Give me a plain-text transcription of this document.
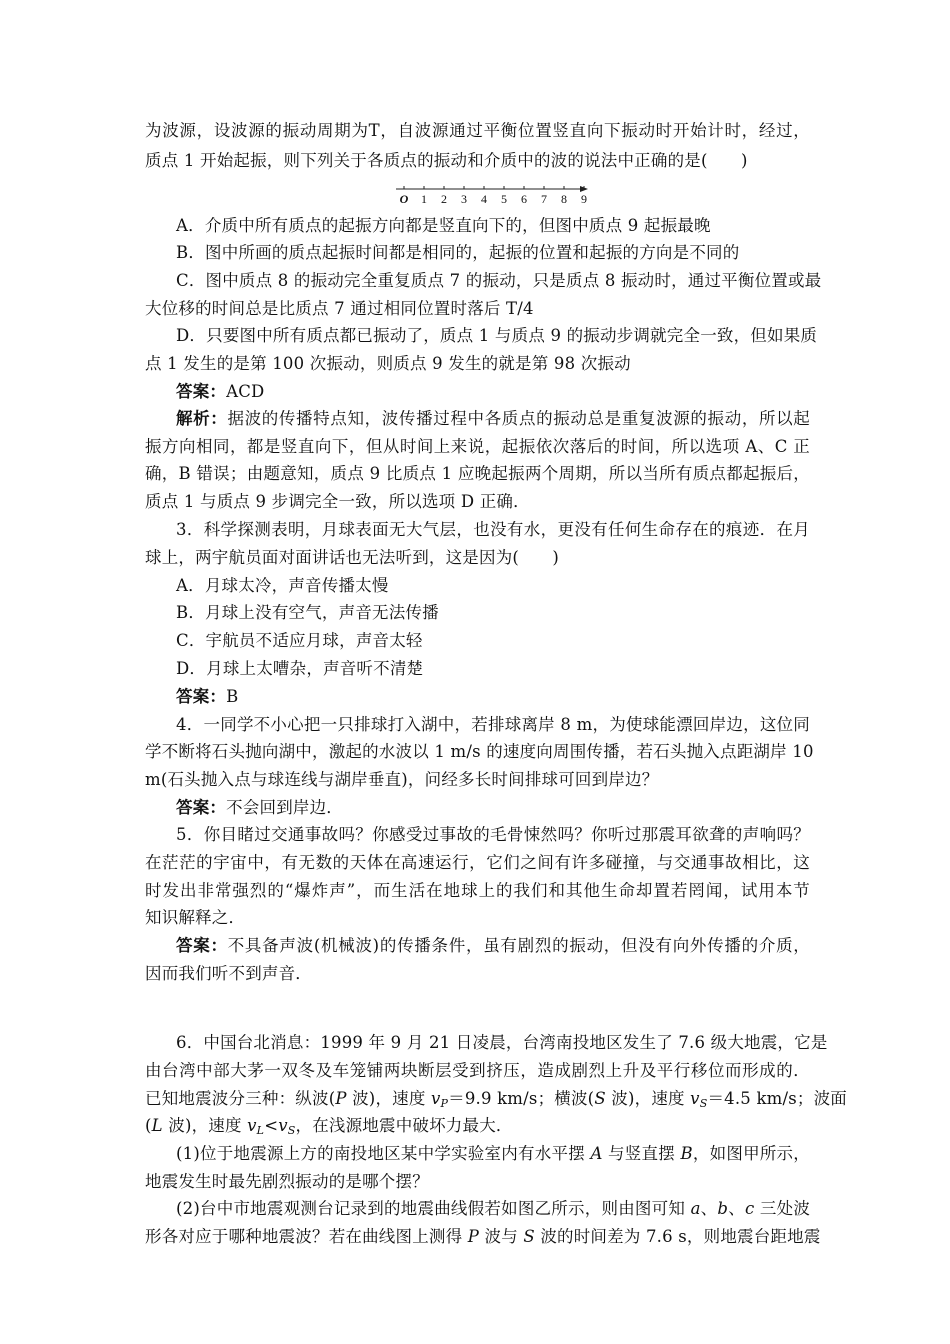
为波源，设波源的振动周期为T，自波源通过平衡位置竖直向下振动时开始计时，经过，
质点 1 开始起振，则下列关于各质点的振动和介质中的波的说法中正确的是(　　)
O 1 2 3 4 5 6 7 8 9
A．介质中所有质点的起振方向都是竖直向下的，但图中质点 9 起振最晚
B．图中所画的质点起振时间都是相同的，起振的位置和起振的方向是不同的
C．图中质点 8 的振动完全重复质点 7 的振动，只是质点 8 振动时，通过平衡位置或最
大位移的时间总是比质点 7 通过相同位置时落后 T/4
D．只要图中所有质点都已振动了，质点 1 与质点 9 的振动步调就完全一致，但如果质
点 1 发生的是第 100 次振动，则质点 9 发生的就是第 98 次振动
答案：ACD
解析：据波的传播特点知，波传播过程中各质点的振动总是重复波源的振动，所以起
振方向相同，都是竖直向下，但从时间上来说，起振依次落后的时间，所以选项 A、C 正
确，B 错误；由题意知，质点 9 比质点 1 应晚起振两个周期，所以当所有质点都起振后，
质点 1 与质点 9 步调完全一致，所以选项 D 正确．
3．科学探测表明，月球表面无大气层，也没有水，更没有任何生命存在的痕迹．在月
球上，两宇航员面对面讲话也无法听到，这是因为(　　)
A．月球太冷，声音传播太慢
B．月球上没有空气，声音无法传播
C．宇航员不适应月球，声音太轻
D．月球上太嘈杂，声音听不清楚
答案：B
4．一同学不小心把一只排球打入湖中，若排球离岸 8 m，为使球能漂回岸边，这位同
学不断将石头抛向湖中，激起的水波以 1 m/s 的速度向周围传播，若石头抛入点距湖岸 10
m(石头抛入点与球连线与湖岸垂直)，问经多长时间排球可回到岸边？
答案：不会回到岸边．
5．你目睹过交通事故吗？你感受过事故的毛骨悚然吗？你听过那震耳欲聋的声响吗？
在茫茫的宇宙中，有无数的天体在高速运行，它们之间有许多碰撞，与交通事故相比，这
时发出非常强烈的“爆炸声”，而生活在地球上的我们和其他生命却置若罔闻，试用本节
知识解释之．
答案：不具备声波(机械波)的传播条件，虽有剧烈的振动，但没有向外传播的介质，
因而我们听不到声音．
6．中国台北消息：1999 年 9 月 21 日凌晨，台湾南投地区发生了 7.6 级大地震，它是
由台湾中部大茅一双冬及车笼铺两块断层受到挤压，造成剧烈上升及平行移位而形成的．
已知地震波分三种：纵波(P 波)，速度 $v_P=9.9$ km/s；横波(S 波)，速度 $v_S=4.5$ km/s；波面
(L 波)，速度 $v_L<v_S$，在浅源地震中破坏力最大．
(1)位于地震源上方的南投地区某中学实验室内有水平摆 A 与竖直摆 B，如图甲所示，
地震发生时最先剧烈振动的是哪个摆？
(2)台中市地震观测台记录到的地震曲线假若如图乙所示，则由图可知 a、b、c 三处波
形各对应于哪种地震波？若在曲线图上测得 P 波与 S 波的时间差为 7.6 s，则地震台距地震
